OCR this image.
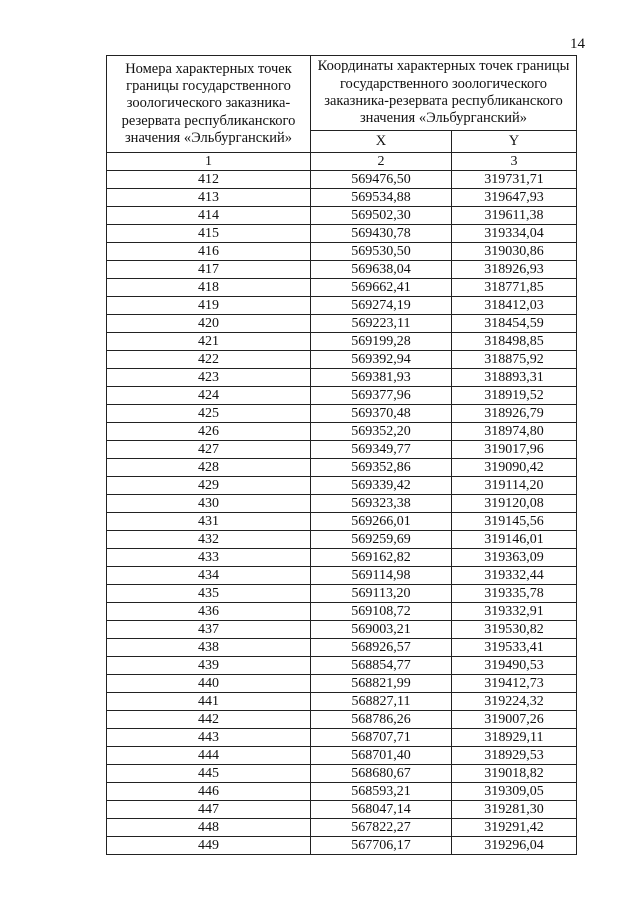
14
Номера характерных точек границы государственного зоологического заказника-резервата республиканского значения «Эльбурганский»	Координаты характерных точек границы государственного зоологического заказника-резервата республиканского значения «Эльбурганский»	
	X	Y
1	2	3
412	569476,50	319731,71
413	569534,88	319647,93
414	569502,30	319611,38
415	569430,78	319334,04
416	569530,50	319030,86
417	569638,04	318926,93
418	569662,41	318771,85
419	569274,19	318412,03
420	569223,11	318454,59
421	569199,28	318498,85
422	569392,94	318875,92
423	569381,93	318893,31
424	569377,96	318919,52
425	569370,48	318926,79
426	569352,20	318974,80
427	569349,77	319017,96
428	569352,86	319090,42
429	569339,42	319114,20
430	569323,38	319120,08
431	569266,01	319145,56
432	569259,69	319146,01
433	569162,82	319363,09
434	569114,98	319332,44
435	569113,20	319335,78
436	569108,72	319332,91
437	569003,21	319530,82
438	568926,57	319533,41
439	568854,77	319490,53
440	568821,99	319412,73
441	568827,11	319224,32
442	568786,26	319007,26
443	568707,71	318929,11
444	568701,40	318929,53
445	568680,67	319018,82
446	568593,21	319309,05
447	568047,14	319281,30
448	567822,27	319291,42
449	567706,17	319296,04
